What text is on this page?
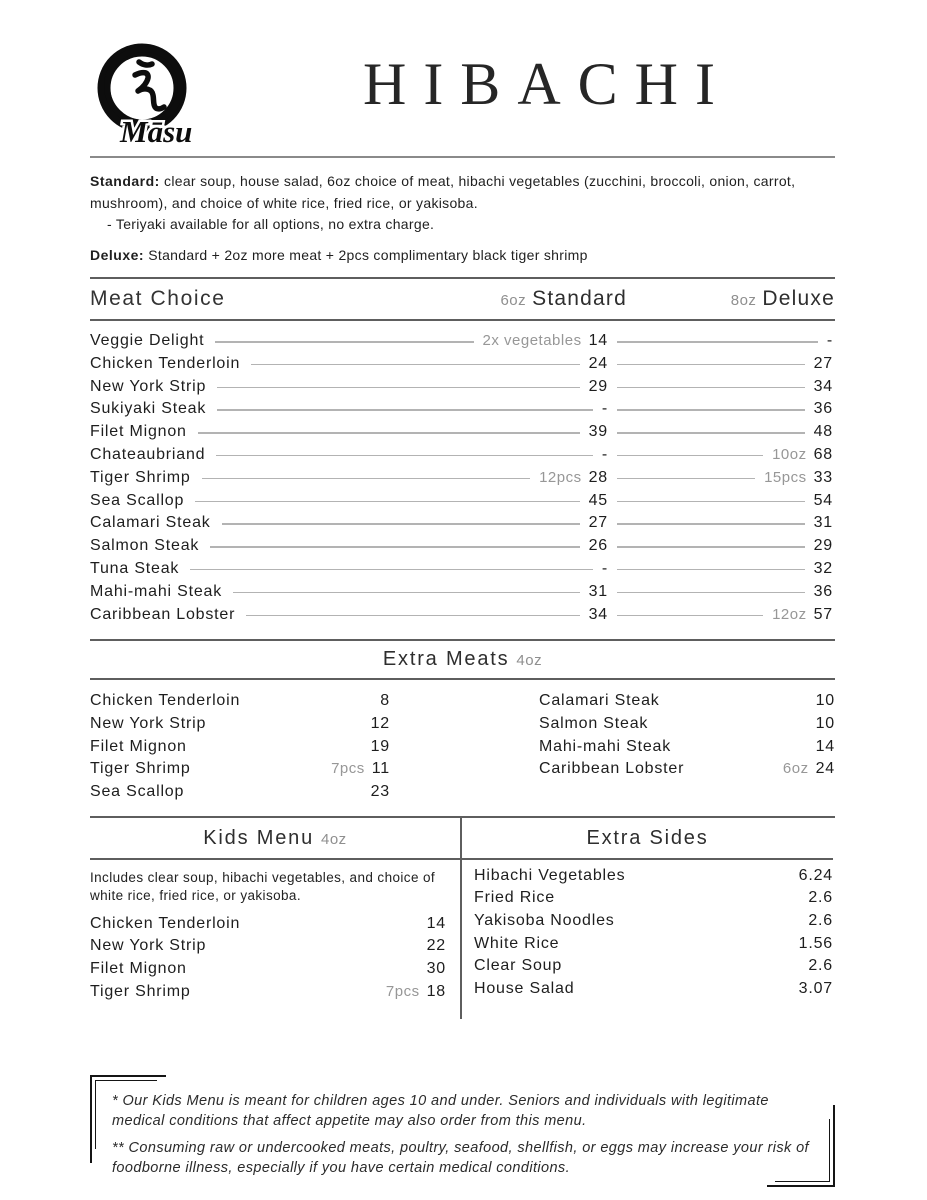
Māsu
HIBACHI
Standard: clear soup, house salad, 6oz choice of meat, hibachi vegetables (zucchini, broccoli, onion, carrot, mushroom), and choice of white rice, fried rice, or yakisoba.
- Teriyaki available for all options, no extra charge.
Deluxe: Standard + 2oz more meat + 2pcs complimentary black tiger shrimp
Meat Choice	6oz Standard	8oz Deluxe
Veggie Delight	2x vegetables 14	-
Chicken Tenderloin	24	27
New York Strip	29	34
Sukiyaki Steak	-	36
Filet Mignon	39	48
Chateaubriand	-	10oz 68
Tiger Shrimp	12pcs 28	15pcs 33
Sea Scallop	45	54
Calamari Steak	27	31
Salmon Steak	26	29
Tuna Steak	-	32
Mahi-mahi Steak	31	36
Caribbean Lobster	34	12oz 57
Extra Meats 4oz
Chicken Tenderloin	8
New York Strip	12
Filet Mignon	19
Tiger Shrimp	7pcs 11
Sea Scallop	23
Calamari Steak	10
Salmon Steak	10
Mahi-mahi Steak	14
Caribbean Lobster	6oz 24
Kids Menu 4oz

Includes clear soup, hibachi vegetables, and choice of white rice, fried rice, or yakisoba.

Chicken Tenderloin	14
New York Strip	22
Filet Mignon	30
Tiger Shrimp	7pcs 18
Extra Sides
Hibachi Vegetables	6.24
Fried Rice	2.6
Yakisoba Noodles	2.6
White Rice	1.56
Clear Soup	2.6
House Salad	3.07

* Our Kids Menu is meant for children ages 10 and under. Seniors and individuals with legitimate medical conditions that affect appetite may also order from this menu.

** Consuming raw or undercooked meats, poultry, seafood, shellfish, or eggs may increase your risk of foodborne illness, especially if you have certain medical conditions.
